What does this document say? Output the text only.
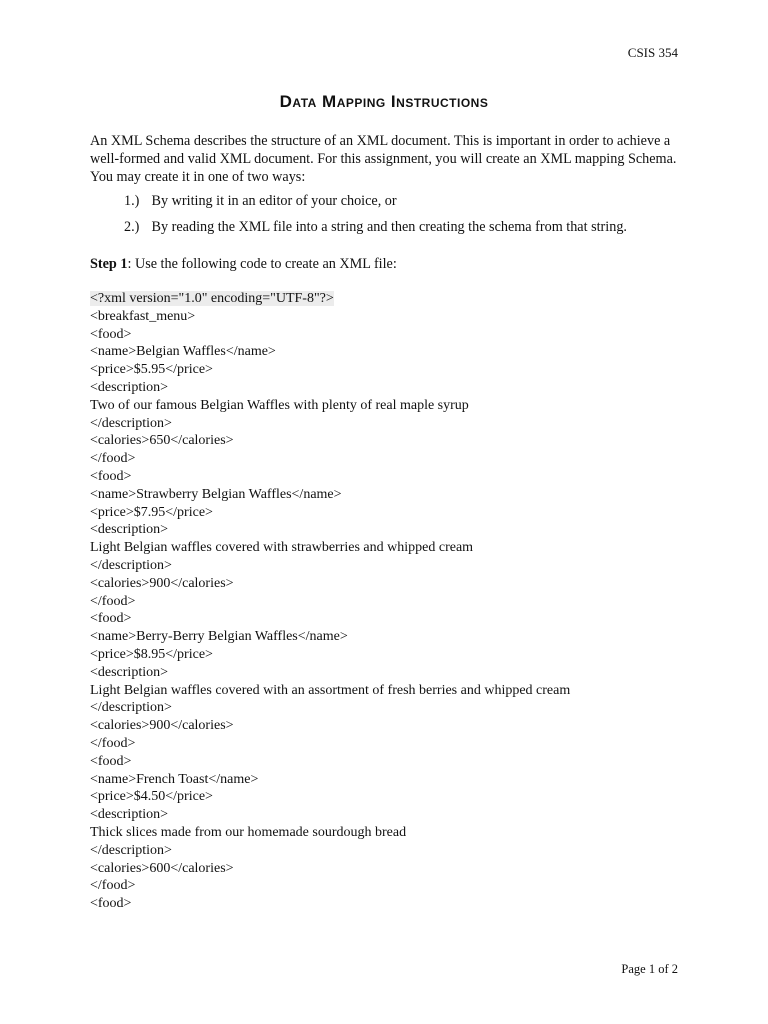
CSIS 354
Data Mapping Instructions
An XML Schema describes the structure of an XML document. This is important in order to achieve a well-formed and valid XML document. For this assignment, you will create an XML mapping Schema. You may create it in one of two ways:
1.) By writing it in an editor of your choice, or
2.) By reading the XML file into a string and then creating the schema from that string.
Step 1: Use the following code to create an XML file:
<?xml version="1.0" encoding="UTF-8"?>
<breakfast_menu>
<food>
<name>Belgian Waffles</name>
<price>$5.95</price>
<description>
Two of our famous Belgian Waffles with plenty of real maple syrup
</description>
<calories>650</calories>
</food>
<food>
<name>Strawberry Belgian Waffles</name>
<price>$7.95</price>
<description>
Light Belgian waffles covered with strawberries and whipped cream
</description>
<calories>900</calories>
</food>
<food>
<name>Berry-Berry Belgian Waffles</name>
<price>$8.95</price>
<description>
Light Belgian waffles covered with an assortment of fresh berries and whipped cream
</description>
<calories>900</calories>
</food>
<food>
<name>French Toast</name>
<price>$4.50</price>
<description>
Thick slices made from our homemade sourdough bread
</description>
<calories>600</calories>
</food>
<food>
Page 1 of 2
